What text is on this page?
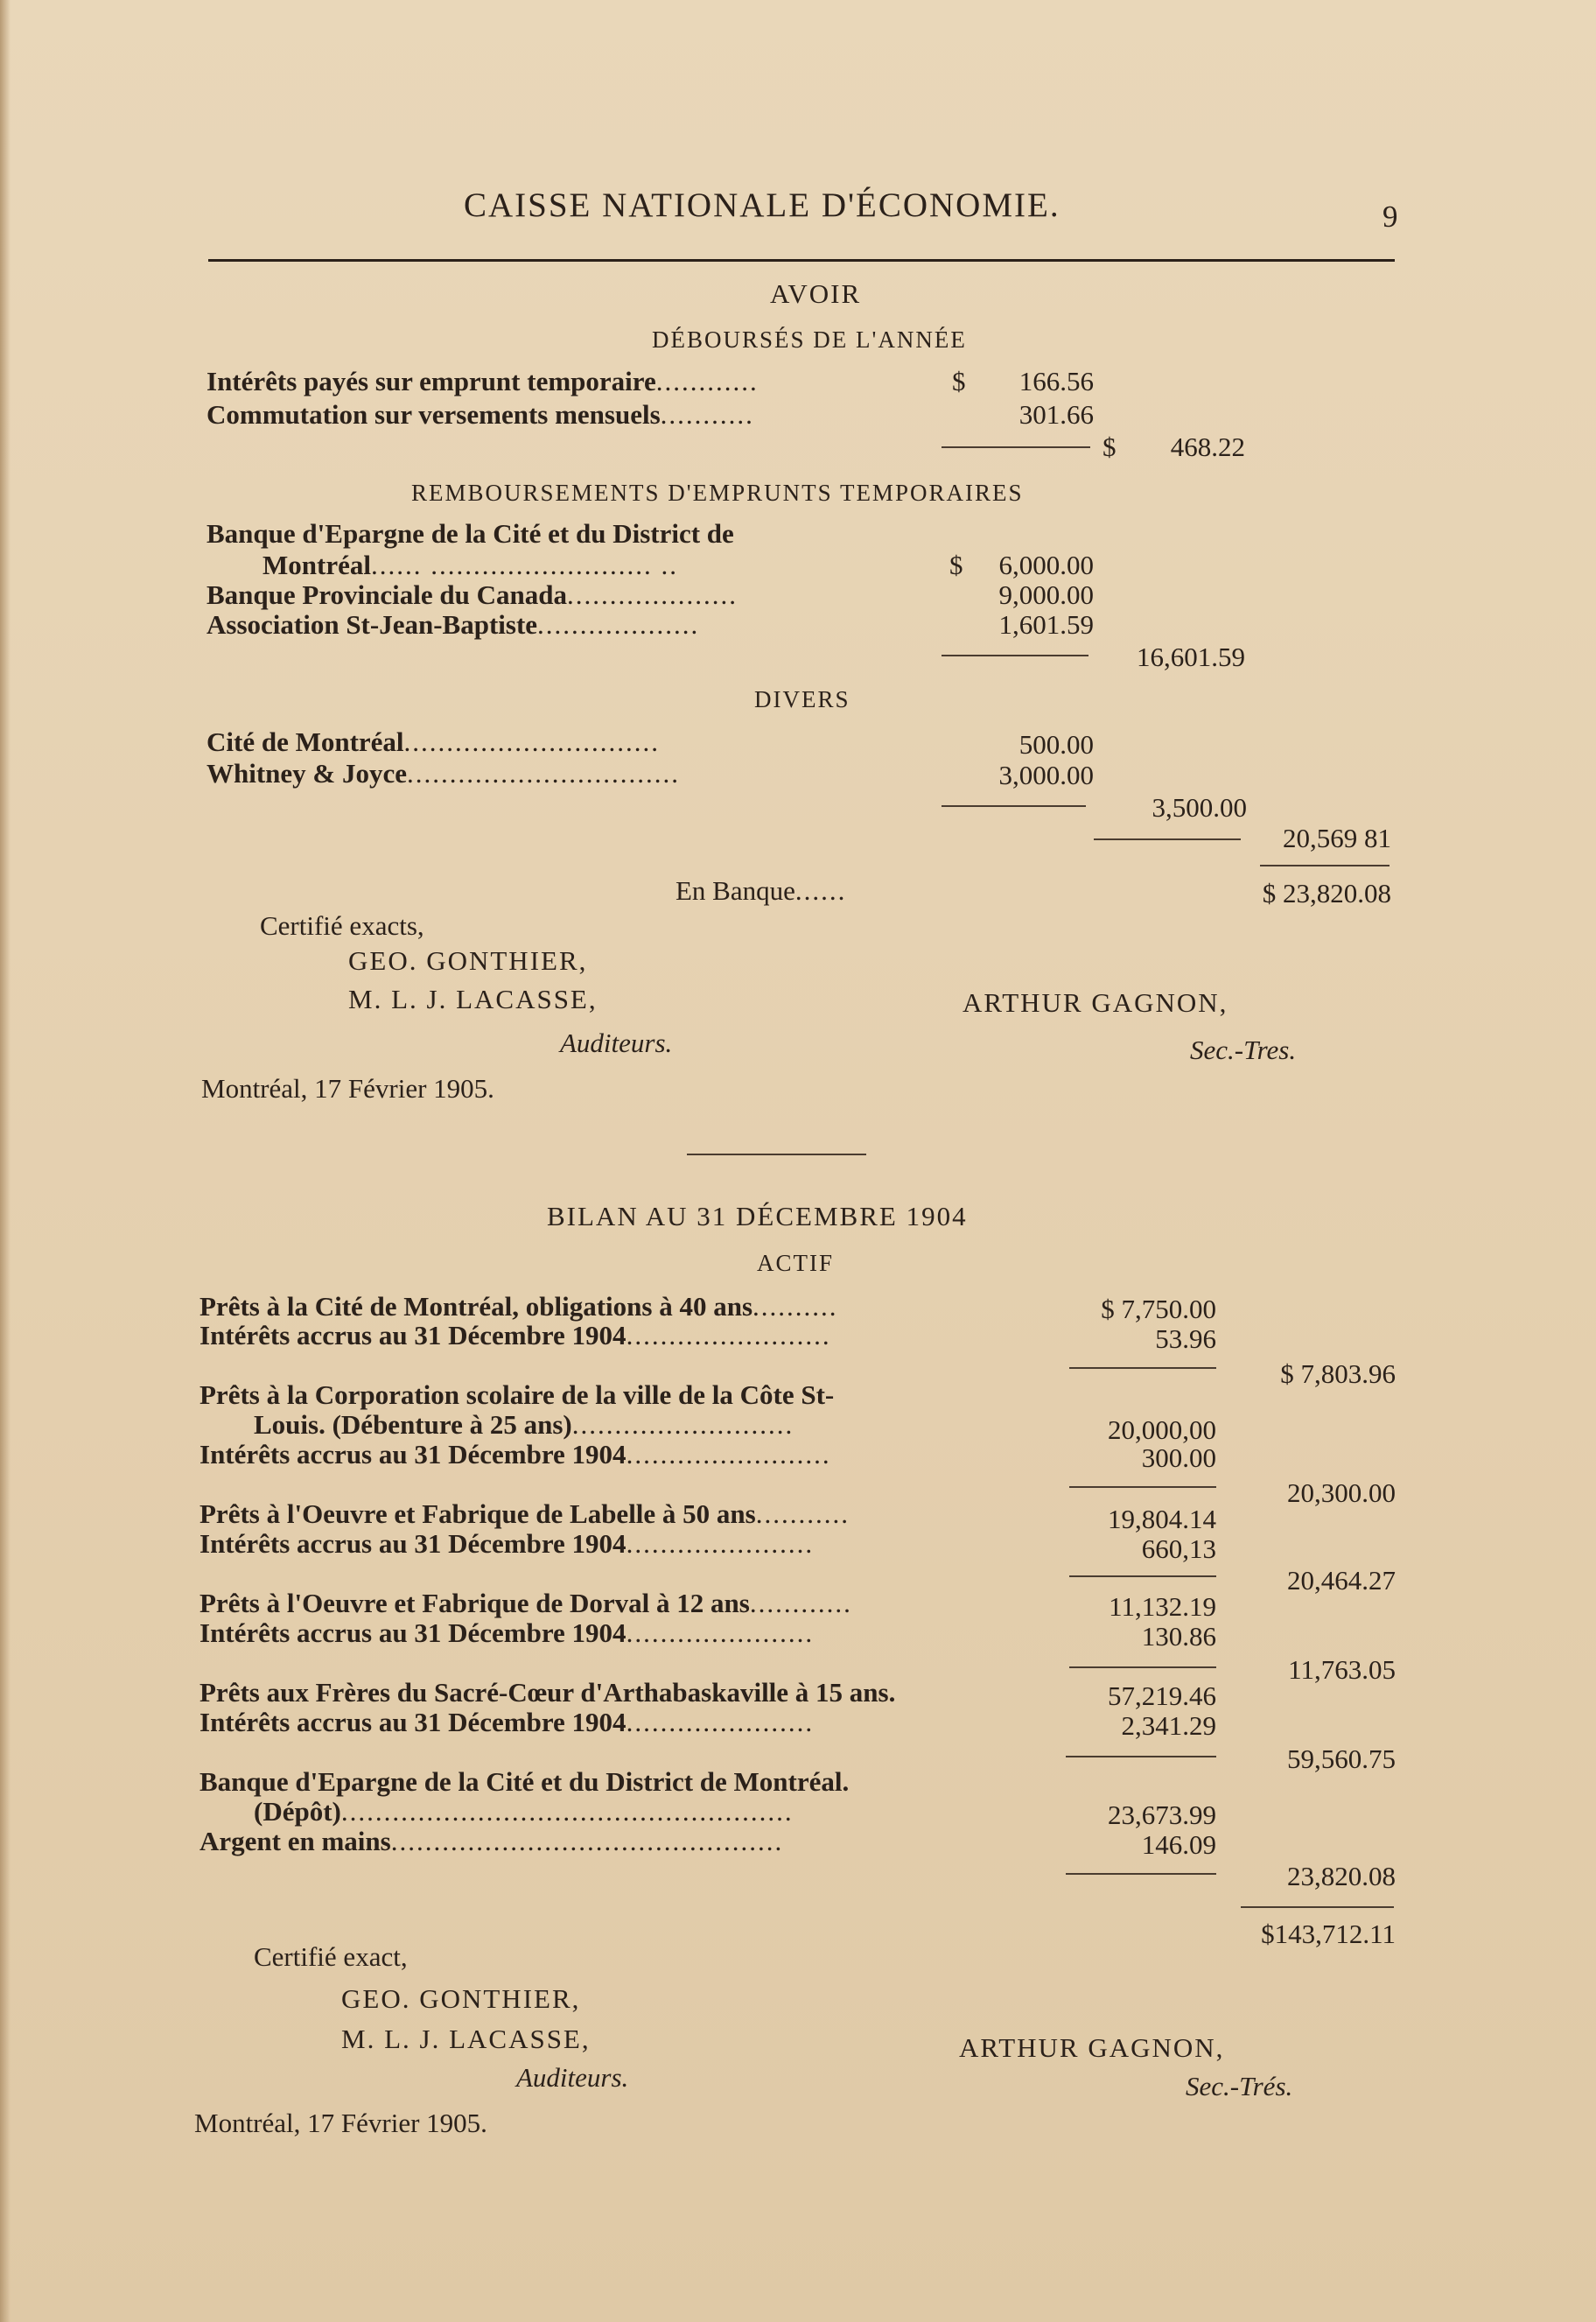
CAISSE NATIONALE D'ÉCONOMIE.	9
AVOIR
DÉBOURSÉS DE L'ANNÉE
Intérêts payés sur emprunt temporaire............	$	166.56
Commutation sur versements mensuels...........	301.66
$	468.22
REMBOURSEMENTS D'EMPRUNTS TEMPORAIRES
Banque d'Epargne de la Cité et du District de
Montréal...... .......................... ..	$	6,000.00
Banque Provinciale du Canada....................	9,000.00
Association St-Jean-Baptiste...................	1,601.59
16,601.59
DIVERS
Cité de Montréal..............................	500.00
Whitney & Joyce................................	3,000.00
3,500.00
20,569 81
En Banque......	$ 23,820.08
Certifié exacts,
GEO. GONTHIER,
M. L. J. LACASSE,
Auditeurs.
ARTHUR GAGNON,
Sec.-Tres.
Montréal, 17 Février 1905.
BILAN AU 31 DÉCEMBRE 1904
ACTIF
Prêts à la Cité de Montréal, obligations à 40 ans..........	$ 7,750.00
Intérêts accrus au 31 Décembre 1904........................	53.96
$ 7,803.96
Prêts à la Corporation scolaire de la ville de la Côte St-
Louis. (Débenture à 25 ans)..........................	20,000,00
Intérêts accrus au 31 Décembre 1904........................	300.00
20,300.00
Prêts à l'Oeuvre et Fabrique de Labelle à 50 ans...........	19,804.14
Intérêts accrus au 31 Décembre 1904......................	660,13
20,464.27
Prêts à l'Oeuvre et Fabrique de Dorval à 12 ans............	11,132.19
Intérêts accrus au 31 Décembre 1904......................	130.86
11,763.05
Prêts aux Frères du Sacré-Cœur d'Arthabaskaville à 15 ans.	57,219.46
Intérêts accrus au 31 Décembre 1904......................	2,341.29
59,560.75
Banque d'Epargne de la Cité et du District de Montréal.
(Dépôt).....................................................	23,673.99
Argent en mains..............................................	146.09
23,820.08
$143,712.11
Certifié exact,
GEO. GONTHIER,
M. L. J. LACASSE,
Auditeurs.
ARTHUR GAGNON,
Sec.-Trés.
Montréal, 17 Février 1905.
